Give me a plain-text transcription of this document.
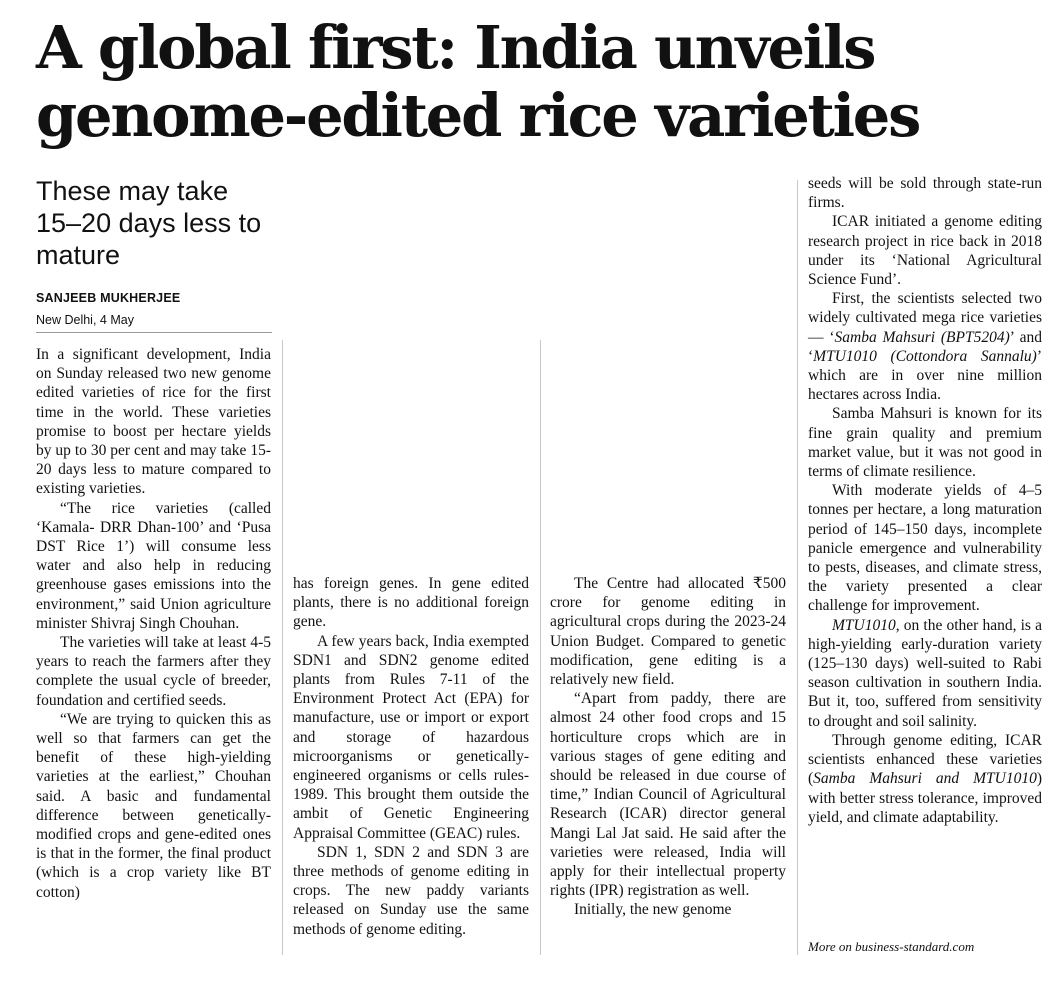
A global first: India unveils
genome-edited rice varieties
These may take 15–20 days less to mature
SANJEEB MUKHERJEE
New Delhi, 4 May

In a significant development, India on Sunday released two new genome edited varieties of rice for the first time in the world. These varieties promise to boost per hectare yields by up to 30 per cent and may take 15-20 days less to mature compared to existing varieties.

“The rice varieties (called ‘Kamala- DRR Dhan-100’ and ‘Pusa DST Rice 1’) will consume less water and also help in reducing greenhouse gases emissions into the environment,” said Union agriculture minister Shivraj Singh Chouhan.

The varieties will take at least 4-5 years to reach the farmers after they complete the usual cycle of breeder, foundation and certified seeds.

“We are trying to quicken this as well so that farmers can get the benefit of these high-yielding varieties at the earliest,” Chouhan said. A basic and fundamental difference between genetically-modified crops and gene-edited ones is that in the former, the final product (which is a crop variety like BT cotton)

has foreign genes. In gene edited plants, there is no additional foreign gene.

A few years back, India exempted SDN1 and SDN2 genome edited plants from Rules 7-11 of the Environment Protect Act (EPA) for manufacture, use or import or export and storage of hazardous microorganisms or genetically-engineered organisms or cells rules-1989. This brought them outside the ambit of Genetic Engineering Appraisal Committee (GEAC) rules.

SDN 1, SDN 2 and SDN 3 are three methods of genome editing in crops. The new paddy variants released on Sunday use the same methods of genome editing.

The Centre had allocated ₹500 crore for genome editing in agricultural crops during the 2023-24 Union Budget. Compared to genetic modification, gene editing is a relatively new field.

“Apart from paddy, there are almost 24 other food crops and 15 horticulture crops which are in various stages of gene editing and should be released in due course of time,” Indian Council of Agricultural Research (ICAR) director general Mangi Lal Jat said. He said after the varieties were released, India will apply for their intellectual property rights (IPR) registration as well.

Initially, the new genome

seeds will be sold through state-run firms.

ICAR initiated a genome editing research project in rice back in 2018 under its ‘National Agricultural Science Fund’.

First, the scientists selected two widely cultivated mega rice varieties — ‘Samba Mahsuri (BPT5204)’ and ‘MTU1010 (Cottondora Sannalu)’ which are in over nine million hectares across India.

Samba Mahsuri is known for its fine grain quality and premium market value, but it was not good in terms of climate resilience.

With moderate yields of 4–5 tonnes per hectare, a long maturation period of 145–150 days, incomplete panicle emergence and vulnerability to pests, diseases, and climate stress, the variety presented a clear challenge for improvement.

MTU1010, on the other hand, is a high-yielding early-duration variety (125–130 days) well-suited to Rabi season cultivation in southern India. But it, too, suffered from sensitivity to drought and soil salinity.

Through genome editing, ICAR scientists enhanced these varieties (Samba Mahsuri and MTU1010) with better stress tolerance, improved yield, and climate adaptability.

More on business-standard.com
